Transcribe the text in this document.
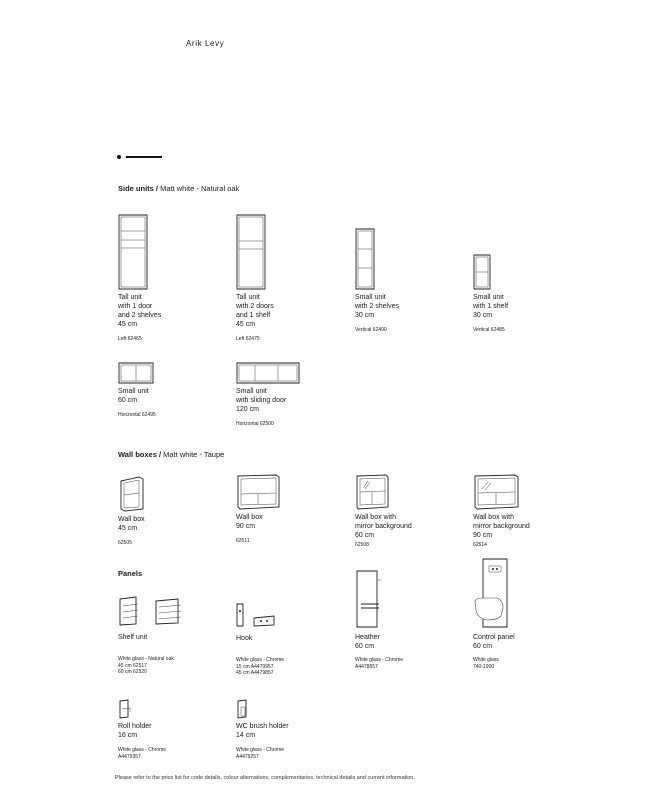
Arik Levy
Side units / Matt white - Natural oak
Tall unit
with 1 door
and 2 shelves
45 cm
Left 62465
Tall unit
with 2 doors
and 1 shelf
45 cm
Left 62475
Small unit
with 2 shelves
30 cm
Vertical 62490
Small unit
with 1 shelf
30 cm
Vertical 62485
Small unit
60 cm
Horizontal 62495
Small unit
with sliding door
120 cm
Horizontal 62500
Wall boxes / Matt white - Taupe
Wall box
45 cm
62505
Wall box
90 cm
62511
Wall box with
mirror background
60 cm
62508
Wall box with
mirror background
90 cm
62514
Panels
Shelf unit
White glass - Natural oak
45 cm 62517
60 cm 62520
Hook
White glass - Chrome
15 cm A4479957
45 cm A4479857
Heather
60 cm
White glass - Chrome
A4478657
Control panel
60 cm
White glass
740-1900
Roll holder
16 cm
White glass - Chrome
A4479357
WC brush holder
14 cm
White glass - Chrome
A4479257
Please refer to the price list for code details, colour alternatives, complementaries, technical details and current information.
